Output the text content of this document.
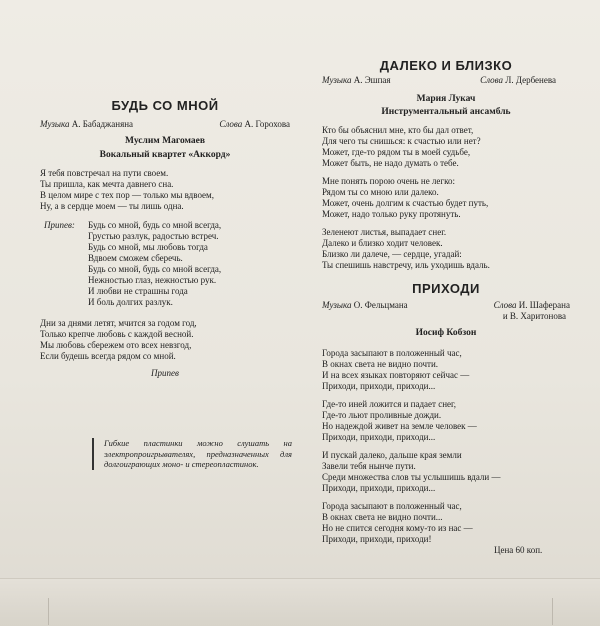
БУДЬ СО МНОЙ
Музыка А. Бабаджаняна	Слова А. Горохова
Муслим Магомаев
Вокальный квартет «Аккорд»
Я тебя повстречал на пути своем.
Ты пришла, как мечта давнего сна.
В целом мире с тех пор — только мы вдвоем,
Ну, а в сердце моем — ты лишь одна.
Припев:	Будь со мной, будь со мной всегда,
Грустью разлук, радостью встреч.
Будь со мной, мы любовь тогда
Вдвоем сможем сберечь.
Будь со мной, будь со мной всегда,
Нежностью глаз, нежностью рук.
И любви не страшны года
И боль долгих разлук.
Дни за днями летят, мчится за годом год,
Только крепче любовь с каждой весной.
Мы любовь сбережем ото всех невзгод,
Если будешь всегда рядом со мной.
Припев
Гибкие пластинки можно слушать на электропроигрывателях, предназначенных для долгоиграющих моно- и стереопластинок.
ДАЛЕКО И БЛИЗКО
Музыка А. Эшпая	Слова Л. Дербенева
Мария Лукач
Инструментальный ансамбль
Кто бы объяснил мне, кто бы дал ответ,
Для чего ты снишься: к счастью или нет?
Может, где-то рядом ты в моей судьбе,
Может быть, не надо думать о тебе.
Мне понять порою очень не легко:
Рядом ты со мною или далеко.
Может, очень долгим к счастью будет путь,
Может, надо только руку протянуть.
Зеленеют листья, выпадает снег.
Далеко и близко ходит человек.
Близко ли далече, — сердце, угадай:
Ты спешишь навстречу, иль уходишь вдаль.
ПРИХОДИ
Музыка О. Фельцмана	Слова И. Шаферана
и В. Харитонова
Иосиф Кобзон
Города засыпают в положенный час,
В окнах света не видно почти.
И на всех языках повторяют сейчас —
Приходи, приходи, приходи...
Где-то иней ложится и падает снег,
Где-то льют проливные дожди.
Но надеждой живет на земле человек —
Приходи, приходи, приходи...
И пускай далеко, дальше края земли
Завели тебя нынче пути.
Среди множества слов ты услышишь вдали —
Приходи, приходи, приходи...
Города засыпают в положенный час,
В окнах света не видно почти...
Но не спится сегодня кому-то из нас —
Приходи, приходи, приходи!
Цена 60 коп.
